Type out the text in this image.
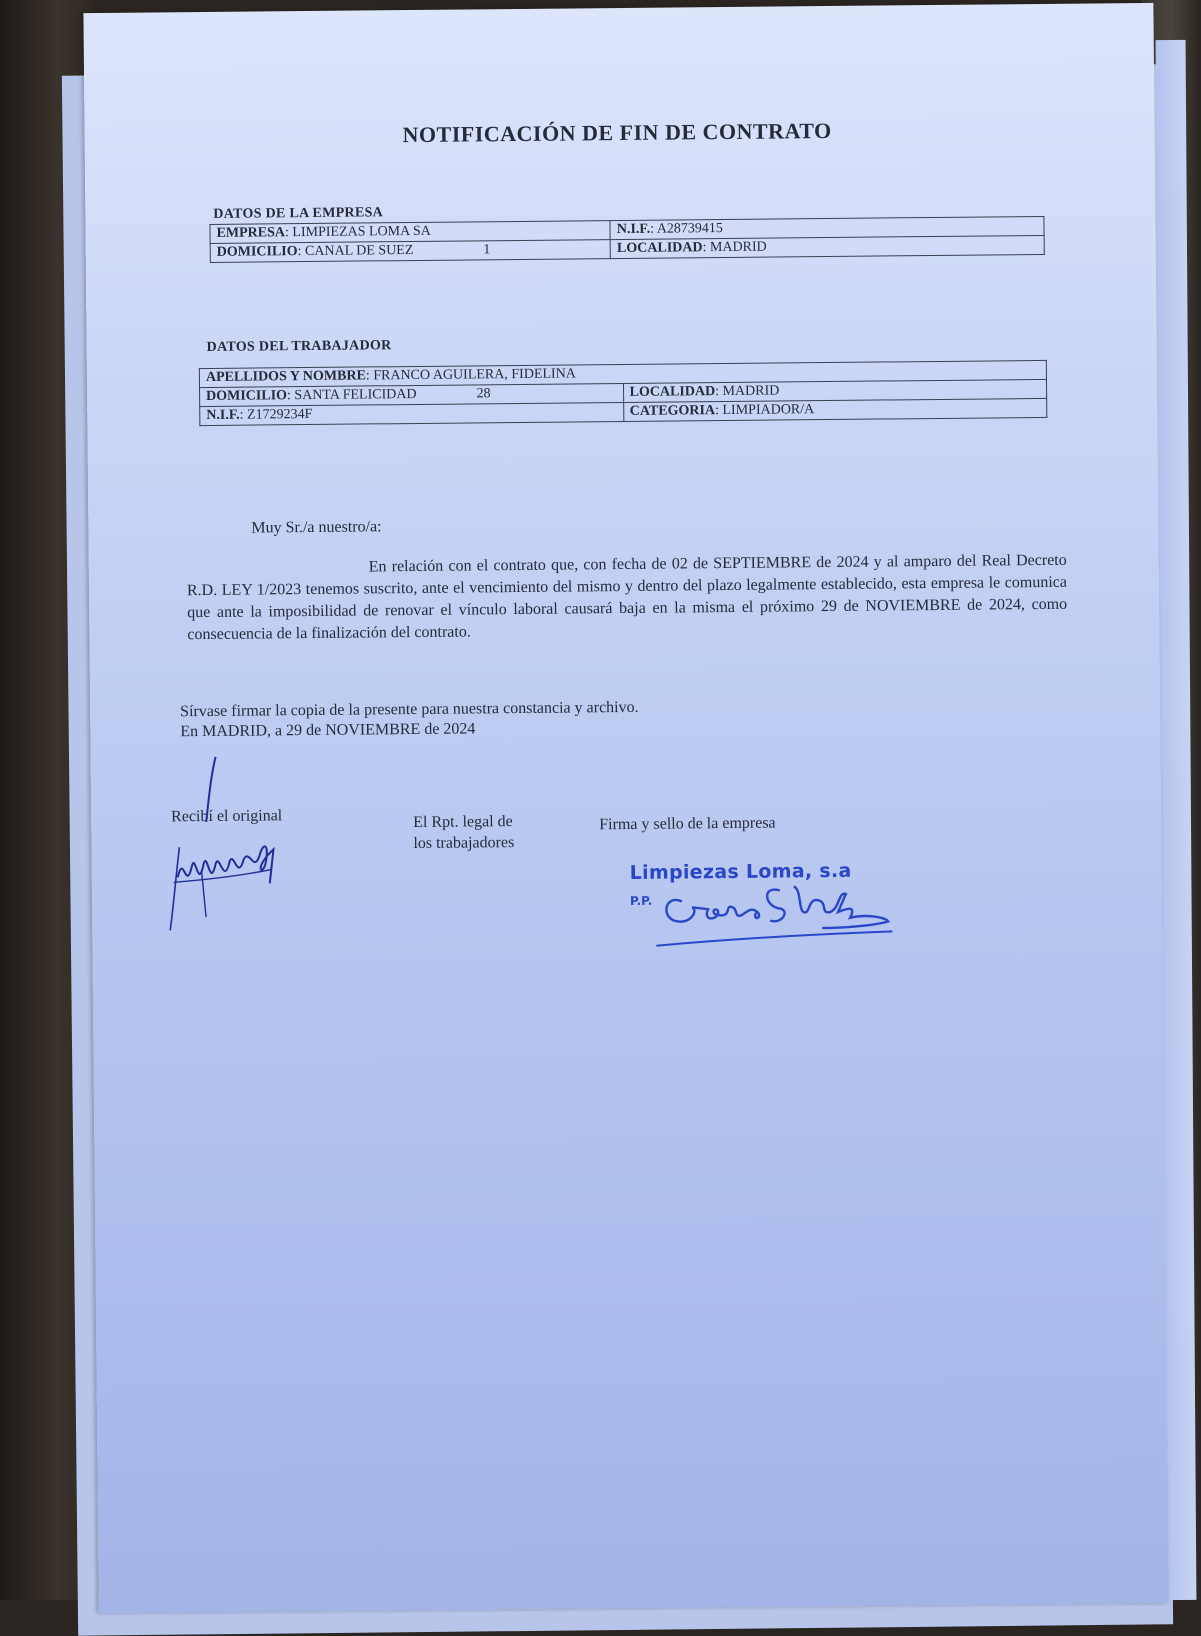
NOTIFICACIÓN DE FIN DE CONTRATO
DATOS DE LA EMPRESA
EMPRESA: LIMPIEZAS LOMA SA	N.I.F.: A28739415
DOMICILIO: CANAL DE SUEZ 1	LOCALIDAD: MADRID
DATOS DEL TRABAJADOR
APELLIDOS Y NOMBRE: FRANCO AGUILERA, FIDELINA	
DOMICILIO: SANTA FELICIDAD 28	LOCALIDAD: MADRID
N.I.F.: Z1729234F	CATEGORIA: LIMPIADOR/A
Muy Sr./a nuestro/a:
En relación con el contrato que, con fecha de 02 de SEPTIEMBRE de 2024 y al amparo del Real Decreto R.D. LEY 1/2023 tenemos suscrito, ante el vencimiento del mismo y dentro del plazo legalmente establecido, esta empresa le comunica que ante la imposibilidad de renovar el vínculo laboral causará baja en la misma el próximo 29 de NOVIEMBRE de 2024, como consecuencia de la finalización del contrato.
Sírvase firmar la copia de la presente para nuestra constancia y archivo.
En MADRID, a 29 de NOVIEMBRE de 2024
Recibí el original	El Rpt. legal de
los trabajadores
Firma y sello de la empresa
Limpiezas Loma, s.a
P.P.
